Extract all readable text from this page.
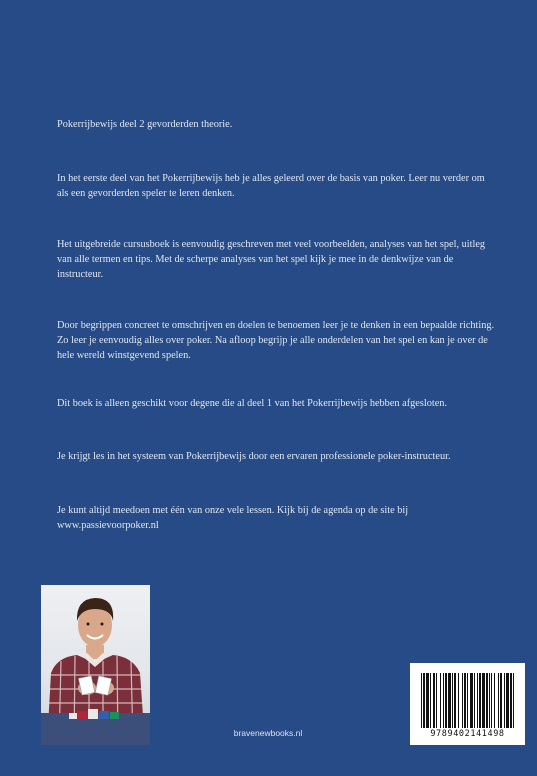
Pokerrijbewijs deel 2 gevorderden theorie.
In het eerste deel van het Pokerrijbewijs heb je alles geleerd over de basis van poker. Leer nu verder om als een gevorderden speler te leren denken.
Het uitgebreide cursusboek is eenvoudig geschreven met veel voorbeelden, analyses van het spel, uitleg van alle termen en tips. Met de scherpe analyses van het spel kijk je mee in de denkwijze van de instructeur.
Door begrippen concreet te omschrijven en doelen te benoemen leer je te denken in een bepaalde richting. Zo leer je eenvoudig alles over poker. Na afloop begrijp je alle onderdelen van het spel en kan je over de hele wereld winstgevend spelen.
Dit boek is alleen geschikt voor degene die al deel 1 van het Pokerrijbewijs hebben afgesloten.
Je krijgt les in het systeem van Pokerrijbewijs door een ervaren professionele poker-instructeur.
Je kunt altijd meedoen met één van onze vele lessen. Kijk bij de agenda op de site bij www.passievoorpoker.nl
bravenewbooks.nl	9789402141498
